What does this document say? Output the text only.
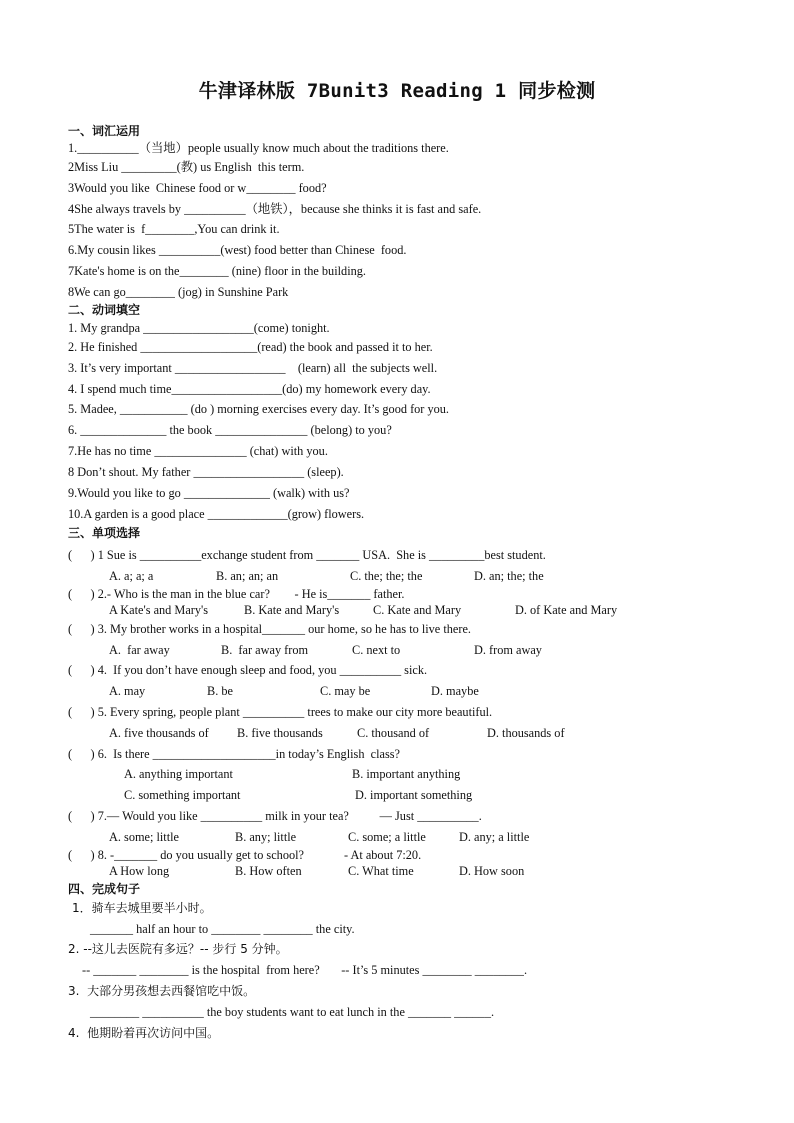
牛津译林版 7Bunit3 Reading 1 同步检测
一、词汇运用
1.__________（当地）people usually know much about the traditions there.
2Miss Liu _________(教) us English  this term.
3Would you like  Chinese food or w________ food?
4She always travels by __________（地铁），because she thinks it is fast and safe.
5The water is  f________,You can drink it.
6.My cousin likes __________(west) food better than Chinese  food.
7Kate's home is on the________ (nine) floor in the building.
8We can go________ (jog) in Sunshine Park
二、动词填空
1. My grandpa __________________(come) tonight.
2. He finished ___________________(read) the book and passed it to her.
3. It’s very important __________________    (learn) all  the subjects well.
4. I spend much time__________________(do) my homework every day.
5. Madee, ___________ (do ) morning exercises every day. It’s good for you.
6. ______________ the book _______________ (belong) to you?
7.He has no time _______________ (chat) with you.
8 Don’t shout. My father __________________ (sleep).
9.Would you like to go ______________ (walk) with us?
10.A garden is a good place _____________(grow) flowers.
三、单项选择
(      ) 1 Sue is __________exchange student from _______ USA.  She is _________best student.
A. a; a; a	B. an; an; an	C. the; the; the	D. an; the; the
(      ) 2.- Who is the man in the blue car?        - He is_______ father.
A Kate's and Mary's	B. Kate and Mary's	C. Kate and Mary	D. of Kate and Mary
(      ) 3. My brother works in a hospital_______ our home, so he has to live there.
A.  far away	B.  far away from	C. next to	D. from away
(      ) 4.  If you don’t have enough sleep and food, you __________ sick.
A. may	B. be	C. may be	D. maybe
(      ) 5. Every spring, people plant __________ trees to make our city more beautiful.
A. five thousands of B. five thousands	C. thousand of	D. thousands of
(      ) 6.  Is there ____________________in today’s English  class?
A. anything important	B. important anything
C. something important	D. important something
(      ) 7.— Would you like __________ milk in your tea?          — Just __________.
A. some; little	B. any; little	C. some; a little	D. any; a little
(      ) 8. -_______ do you usually get to school?             - At about 7:20.
A How long	B. How often	C. What time	D. How soon
四、完成句子
1．骑车去城里要半小时。
_______ half an hour to ________ ________ the city.
2. --这儿去医院有多远？-- 步行 5 分钟。
-- _______ ________ is the hospital  from here?       -- It’s 5 minutes ________ ________.
3.  大部分男孩想去西餐馆吃中饭。
________ __________ the boy students want to eat lunch in the _______ ______.
4.  他期盼着再次访问中国。
